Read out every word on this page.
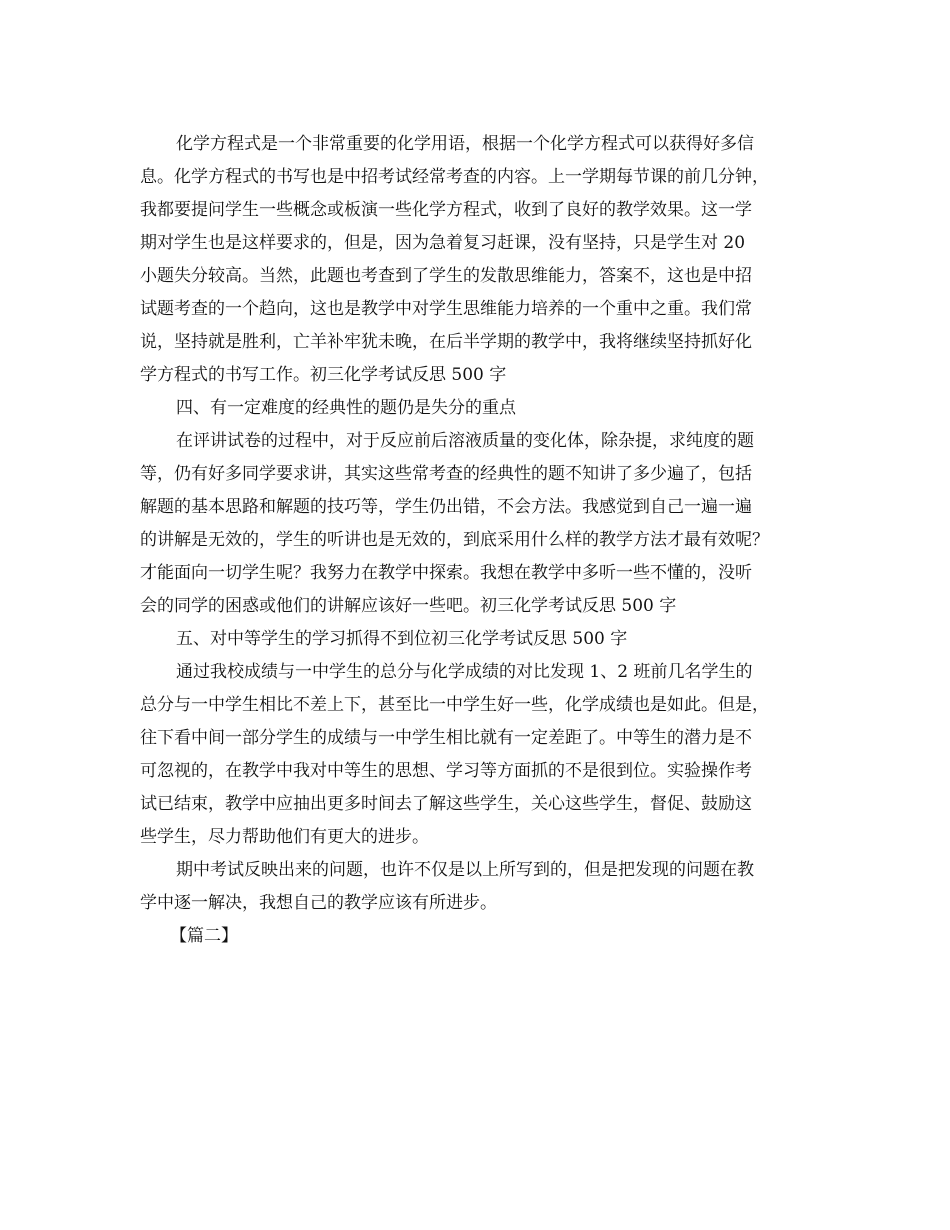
化学方程式是一个非常重要的化学用语，根据一个化学方程式可以获得好多信
息。化学方程式的书写也是中招考试经常考查的内容。上一学期每节课的前几分钟，
我都要提问学生一些概念或板演一些化学方程式，收到了良好的教学效果。这一学
期对学生也是这样要求的，但是，因为急着复习赶课，没有坚持，只是学生对 20
小题失分较高。当然，此题也考查到了学生的发散思维能力，答案不，这也是中招
试题考查的一个趋向，这也是教学中对学生思维能力培养的一个重中之重。我们常
说，坚持就是胜利，亡羊补牢犹未晚，在后半学期的教学中，我将继续坚持抓好化
学方程式的书写工作。初三化学考试反思 500 字
四、有一定难度的经典性的题仍是失分的重点
在评讲试卷的过程中，对于反应前后溶液质量的变化体，除杂提，求纯度的题
等，仍有好多同学要求讲，其实这些常考查的经典性的题不知讲了多少遍了，包括
解题的基本思路和解题的技巧等，学生仍出错，不会方法。我感觉到自己一遍一遍
的讲解是无效的，学生的听讲也是无效的，到底采用什么样的教学方法才最有效呢？
才能面向一切学生呢？我努力在教学中探索。我想在教学中多听一些不懂的，没听
会的同学的困惑或他们的讲解应该好一些吧。初三化学考试反思 500 字
五、对中等学生的学习抓得不到位初三化学考试反思 500 字
通过我校成绩与一中学生的总分与化学成绩的对比发现 1、2 班前几名学生的
总分与一中学生相比不差上下，甚至比一中学生好一些，化学成绩也是如此。但是，
往下看中间一部分学生的成绩与一中学生相比就有一定差距了。中等生的潜力是不
可忽视的，在教学中我对中等生的思想、学习等方面抓的不是很到位。实验操作考
试已结束，教学中应抽出更多时间去了解这些学生，关心这些学生，督促、鼓励这
些学生，尽力帮助他们有更大的进步。
期中考试反映出来的问题，也许不仅是以上所写到的，但是把发现的问题在教
学中逐一解决，我想自己的教学应该有所进步。
【篇二】
